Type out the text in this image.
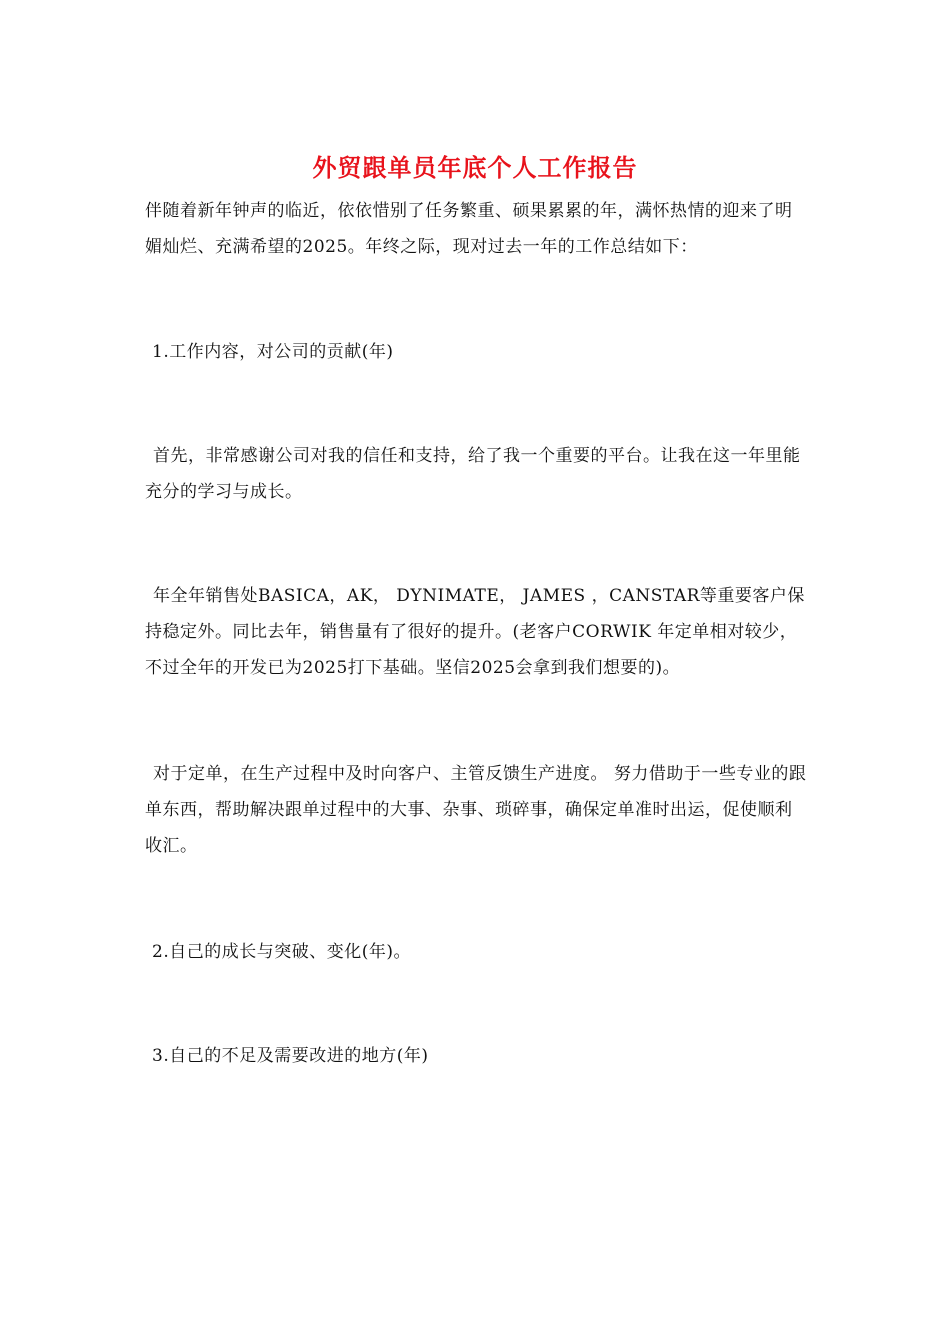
外贸跟单员年底个人工作报告

伴随着新年钟声的临近，依依惜别了任务繁重、硕果累累的年，满怀热情的迎来了明媚灿烂、充满希望的2025。年终之际，现对过去一年的工作总结如下：

1.工作内容，对公司的贡献(年)

首先，非常感谢公司对我的信任和支持，给了我一个重要的平台。让我在这一年里能充分的学习与成长。

年全年销售处BASICA，AK， DYNIMATE， JAMES ，CANSTAR等重要客户保持稳定外。同比去年，销售量有了很好的提升。(老客户CORWIK 年定单相对较少，不过全年的开发已为2025打下基础。坚信2025会拿到我们想要的)。

对于定单，在生产过程中及时向客户、主管反馈生产进度。 努力借助于一些专业的跟单东西，帮助解决跟单过程中的大事、杂事、琐碎事，确保定单准时出运，促使顺利收汇。

2.自己的成长与突破、变化(年)。

3.自己的不足及需要改进的地方(年)
